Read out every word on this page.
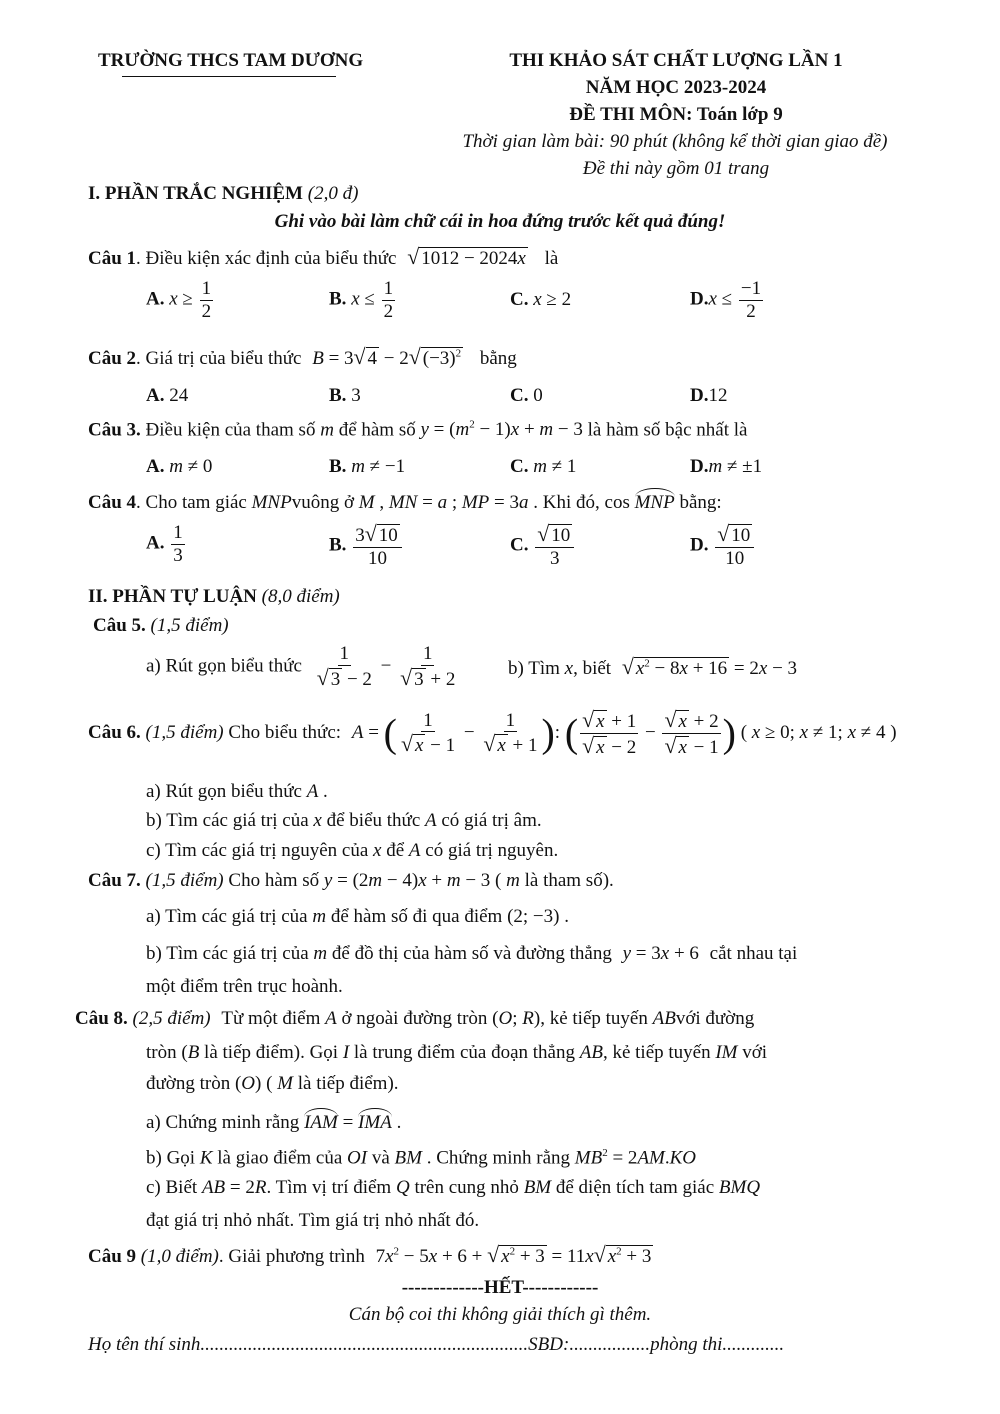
TRƯỜNG THCS TAM DƯƠNG	THI KHẢO SÁT CHẤT LƯỢNG LẦN 1
NĂM HỌC 2023-2024
ĐỀ THI MÔN: Toán lớp 9
Thời gian làm bài: 90 phút (không kể thời gian giao đề)
Đề thi này gồm 01 trang
I. PHẦN TRẮC NGHIỆM (2,0 đ)
Ghi vào bài làm chữ cái in hoa đứng trước kết quả đúng!
Câu 1. Điều kiện xác định của biểu thức √ 1012 − 2024x là
A. $x \ge \frac{1}{2}$	B. $x \le \frac{1}{2}$	C. x ≥ 2	$D.x \le \frac{-1}{2}$
Câu 2. Giá trị của biểu thức B = 3√ 4 − 2√ $(-3)^2$ bằng
A. 24	B. 3	C. 0	D.12
Câu 3. Điều kiện của tham số m để hàm số $y = (m^2 - 1)x + m - 3$ là hàm số bậc nhất là
A. m ≠ 0	B. m ≠ −1	C. m ≠ 1	D.m ≠ ±1
Câu 4. Cho tam giác MNPvuông ở M , MN = a ; MP = 3a . Khi đó, cos MNP bằng:
A. $\frac{1}{3}$	B. $\frac{3√ 10}{10}$	C. $\frac{√ 10}{3}$	D. $\frac{√ 10}{10}$
II. PHẦN TỰ LUẬN (8,0 điểm)
Câu 5. (1,5 điểm)
a) Rút gọn biểu thức $\frac{1}{√ 3 - 2} - \frac{1}{√ 3 + 2}$	b) Tìm x, biết √ $x^2 - 8x + 16 = 2x - 3$
Câu 6. (1,5 điểm) Cho biểu thức: A = ( $\frac{1}{√ x - 1} - \frac{1}{√ x + 1}$ ): ( $\frac{√ x + 1}{√ x - 2} - \frac{√ x + 2}{√ x - 1}$ ) ( x ≥ 0; x ≠ 1; x ≠ 4 )
a) Rút gọn biểu thức A .
b) Tìm các giá trị của x để biểu thức A có giá trị âm.
c) Tìm các giá trị nguyên của x để A có giá trị nguyên.
Câu 7. (1,5 điểm) Cho hàm số y = (2m − 4)x + m − 3 ( m là tham số).
a) Tìm các giá trị của m để hàm số đi qua điểm (2; −3) .
b) Tìm các giá trị của m để đồ thị của hàm số và đường thẳng y = 3x + 6 cắt nhau tại
một điểm trên trục hoành.
Câu 8. (2,5 điểm) Từ một điểm A ở ngoài đường tròn (O; R), kẻ tiếp tuyến ABvới đường
tròn (B là tiếp điểm). Gọi I là trung điểm của đoạn thẳng AB, kẻ tiếp tuyến IM với
đường tròn (O) ( M là tiếp điểm).
a) Chứng minh rằng IAM = IMA .
b) Gọi K là giao điểm của OI và BM . Chứng minh rằng $MB^2 = 2AM.KO$
c) Biết AB = 2R. Tìm vị trí điểm Q trên cung nhỏ BM để diện tích tam giác BMQ
đạt giá trị nhỏ nhất. Tìm giá trị nhỏ nhất đó.
Câu 9 (1,0 điểm). Giải phương trình $7x^2 - 5x + 6$ + √ $x^2 + 3 = 11x√$ $x^2 + 3$
-------------HẾT------------
Cán bộ coi thi không giải thích gì thêm.
Họ tên thí sinh.....................................................................SBD:.................phòng thi.............
